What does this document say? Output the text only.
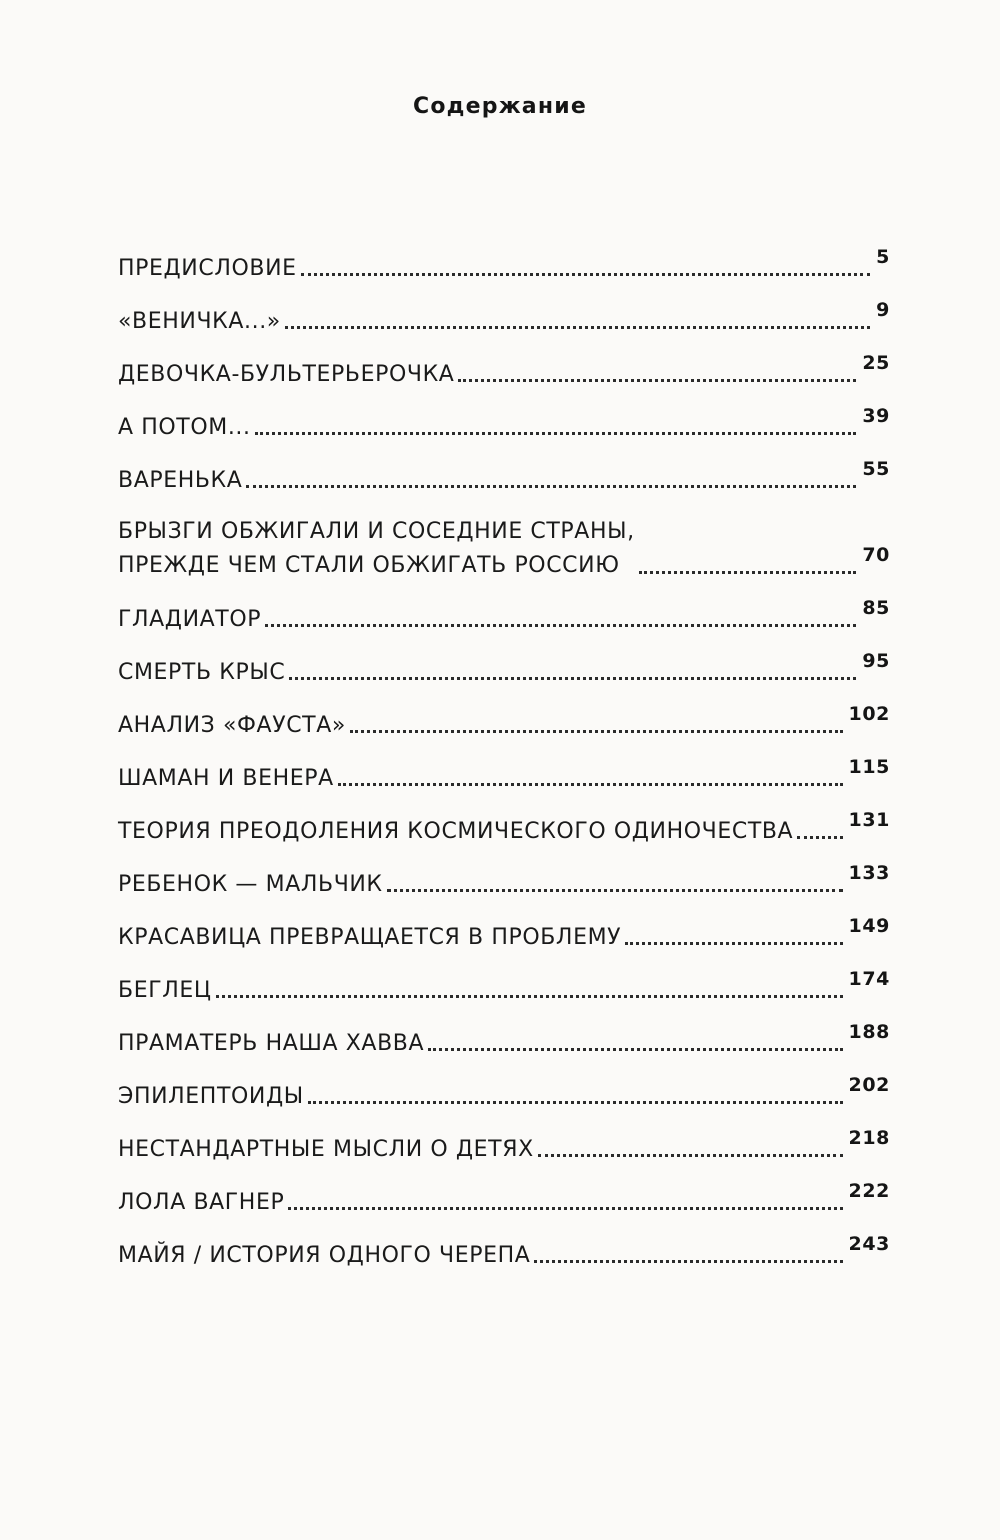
Содержание
ПРЕДИСЛОВИЕ	5
«ВЕНИЧКА...»	9
ДЕВОЧКА-БУЛЬТЕРЬЕРОЧКА	25
А ПОТОМ...	39
ВАРЕНЬКА	55
БРЫЗГИ ОБЖИГАЛИ И СОСЕДНИЕ СТРАНЫ,
ПРЕЖДЕ ЧЕМ СТАЛИ ОБЖИГАТЬ РОССИЮ	70
ГЛАДИАТОР	85
СМЕРТЬ КРЫС	95
АНАЛИЗ «ФАУСТА»	102
ШАМАН И ВЕНЕРА	115
ТЕОРИЯ ПРЕОДОЛЕНИЯ КОСМИЧЕСКОГО ОДИНОЧЕСТВА	131
РЕБЕНОК — МАЛЬЧИК	133
КРАСАВИЦА ПРЕВРАЩАЕТСЯ В ПРОБЛЕМУ	149
БЕГЛЕЦ	174
ПРАМАТЕРЬ НАША ХАВВА	188
ЭПИЛЕПТОИДЫ	202
НЕСТАНДАРТНЫЕ МЫСЛИ О ДЕТЯХ	218
ЛОЛА ВАГНЕР	222
МАЙЯ / ИСТОРИЯ ОДНОГО ЧЕРЕПА	243
